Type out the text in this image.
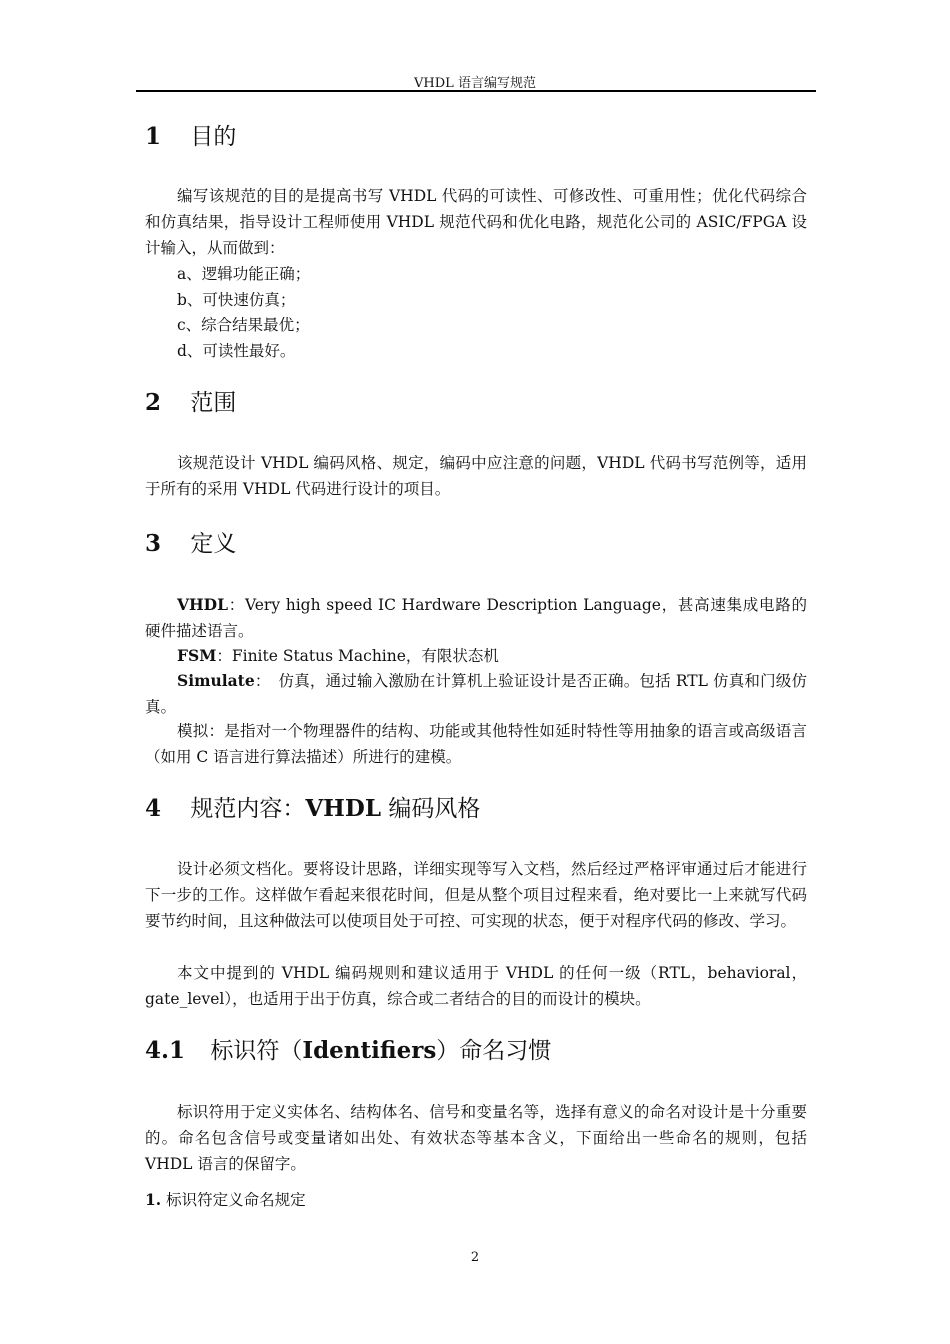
VHDL 语言编写规范
1 目的

编写该规范的目的是提高书写 VHDL 代码的可读性、可修改性、可重用性；优化代码综合和仿真结果，指导设计工程师使用 VHDL 规范代码和优化电路，规范化公司的 ASIC/FPGA 设计输入，从而做到：

a、逻辑功能正确；
b、可快速仿真；
c、综合结果最优；
d、可读性最好。
2 范围

该规范设计 VHDL 编码风格、规定，编码中应注意的问题，VHDL 代码书写范例等，适用于所有的采用 VHDL 代码进行设计的项目。

3 定义

VHDL：Very high speed IC Hardware Description Language，甚高速集成电路的硬件描述语言。

FSM：Finite Status Machine，有限状态机

Simulate：　仿真，通过输入激励在计算机上验证设计是否正确。包括 RTL 仿真和门级仿真。

模拟：是指对一个物理器件的结构、功能或其他特性如延时特性等用抽象的语言或高级语言（如用 C 语言进行算法描述）所进行的建模。

4 规范内容：VHDL 编码风格

设计必须文档化。要将设计思路，详细实现等写入文档，然后经过严格评审通过后才能进行下一步的工作。这样做乍看起来很花时间，但是从整个项目过程来看，绝对要比一上来就写代码要节约时间，且这种做法可以使项目处于可控、可实现的状态，便于对程序代码的修改、学习。

本文中提到的 VHDL 编码规则和建议适用于 VHDL 的任何一级（RTL，behavioral，gate_level），也适用于出于仿真，综合或二者结合的目的而设计的模块。

4.1 标识符（Identifiers）命名习惯

标识符用于定义实体名、结构体名、信号和变量名等，选择有意义的命名对设计是十分重要的。命名包含信号或变量诸如出处、有效状态等基本含义，下面给出一些命名的规则，包括 VHDL 语言的保留字。

1. 标识符定义命名规定
2
